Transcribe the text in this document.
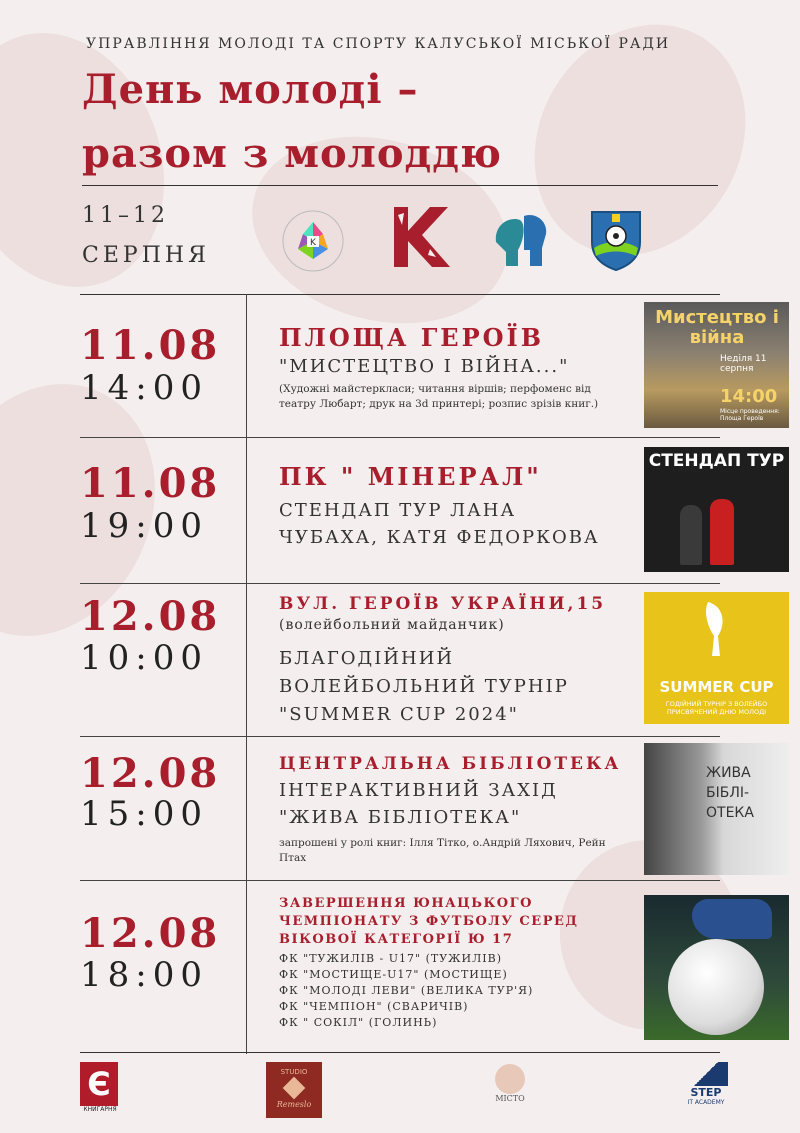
УПРАВЛІННЯ МОЛОДІ ТА СПОРТУ КАЛУСЬКОЇ МІСЬКОЇ РАДИ
День молоді –
разом з молоддю
11–12
СЕРПНЯ	K
11.08
14:00
ПЛОЩА ГЕРОЇВ
"МИСТЕЦТВО І ВІЙНА..."
(Художні майстеркласи; читання віршів; перфоменс від театру Любарт; друк на 3d принтері; розпис зрізів книг.)
Мистецтво і війна
Неділя 11 серпня
14:00
Місце проведення: Площа Героїв
11.08
19:00
ПК " МІНЕРАЛ"
СТЕНДАП ТУР ЛАНА
ЧУБАХА, КАТЯ ФЕДОРКОВА
СТЕНДАП ТУР
12.08
10:00
ВУЛ. ГЕРОЇВ УКРАЇНИ,15
(волейбольний майданчик)
БЛАГОДІЙНИЙ
ВОЛЕЙБОЛЬНИЙ ТУРНІР
"SUMMER CUP 2024"
SUMMER CUP
ГОДІЙНИЙ ТУРНІР З ВОЛЕЙБО ПРИСВЯЧЕНИЙ ДНЮ МОЛОДІ
12.08
15:00
ЦЕНТРАЛЬНА БІБЛІОТЕКА
ІНТЕРАКТИВНИЙ ЗАХІД
"ЖИВА БІБЛІОТЕКА"
запрошені у ролі книг: Ілля Тітко, о.Андрій Ляхович, Рейн Птах
ЖИВА БІБЛІ-ОТЕКА
12.08
18:00
ЗАВЕРШЕННЯ ЮНАЦЬКОГО
ЧЕМПІОНАТУ З ФУТБОЛУ СЕРЕД
ВІКОВОЇ КАТЕГОРІЇ Ю 17
ФК "ТУЖИЛІВ - U17" (ТУЖИЛІВ)
ФК "МОСТИЩЕ-U17" (МОСТИЩЕ)
ФК "МОЛОДІ ЛЕВИ" (ВЕЛИКА ТУР'Я)
ФК "ЧЕМПІОН" (СВАРИЧІВ)
ФК " СОКІЛ" (ГОЛИНЬ)
Є
КНИГАРНЯ
STUDIO
Remeslo
МІСТО	STEP
IT ACADEMY
